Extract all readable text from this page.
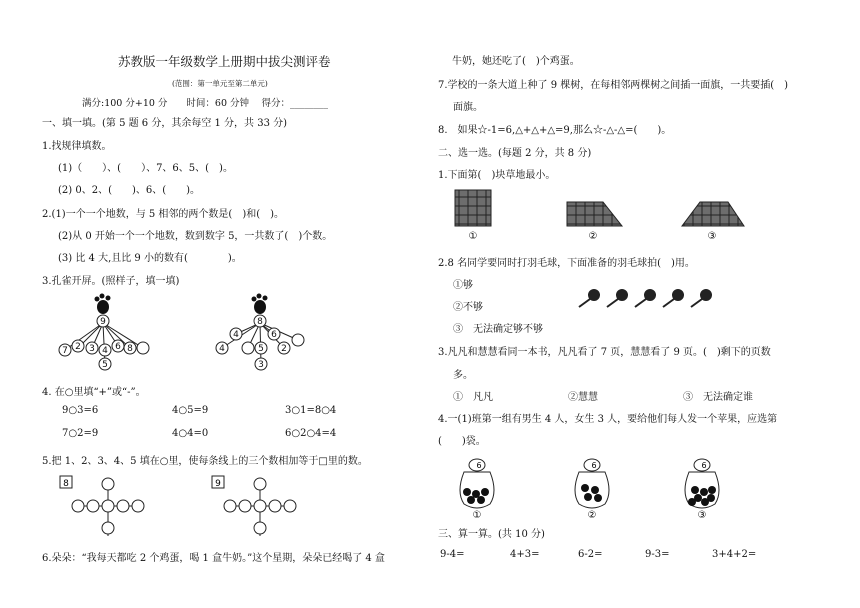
苏教版一年级数学上册期中拔尖测评卷
(范围：第一单元至第二单元)
满分:100 分+10 分　　时间：60 分钟　 得分：________
一、填一填。(第 5 题 6 分，其余每空 1 分，共 33 分)
1.找规律填数。
(1)（　　）、(　　）、7、6、5、(　)。
(2) 0、2、(　　)、6、(　　)。
2.(1)一个一个地数，与 5 相邻的两个数是(　)和(　)。
(2)从 0 开始一个一个地数，数到数字 5，一共数了(　)个数。
(3) 比 4 大,且比 9 小的数有(　　　　)。
3.孔雀开屏。(照样子，填一填)
9
7 3 6
2 4 8
5
8
4
4
6
5 2
3
4. 在○里填“+”或“-”。
9○3=6	4○5=9	3○1=8○4
7○2=9	4○4=0	6○2○4=4
5.把 1、2、3、4、5 填在○里，使每条线上的三个数相加等于□里的数。
8	9
6.朵朵：“我每天都吃 2 个鸡蛋，喝 1 盒牛奶。”这个星期，朵朵已经喝了 4 盒
牛奶，她还吃了(　)个鸡蛋。
7.学校的一条大道上种了 9 棵树，在每相邻两棵树之间插一面旗，一共要插(　)
面旗。
8.　如果☆-1=6,△+△+△=9,那么☆-△-△=(　　)。
二、选一选。(每题 2 分，共 8 分)
1.下面第(　)块草地最小。
①	②	③
2.8 名同学要同时打羽毛球，下面准备的羽毛球拍(　)用。
①够
②不够
③　无法确定够不够
3.凡凡和慧慧看同一本书，凡凡看了 7 页，慧慧看了 9 页。(　)剩下的页数
多。
①　凡凡	②慧慧	③　无法确定谁
4.一(1)班第一组有男生 4 人，女生 3 人，要给他们每人发一个苹果，应选第
(　　)袋。
6	6	6
①	②	③
三、算一算。(共 10 分)
9-4=	4+3=	6-2=	9-3=	3+4+2=
